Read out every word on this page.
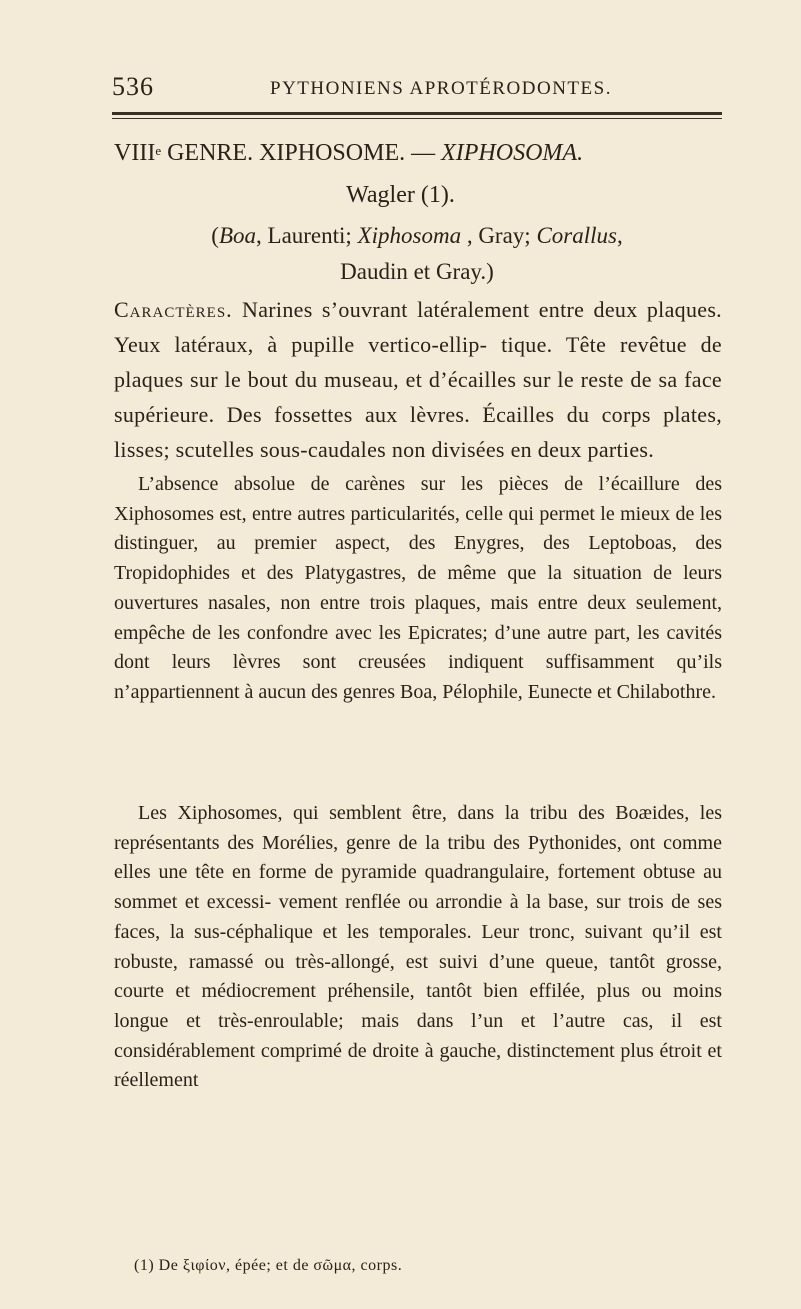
536	PYTHONIENS APROTÉRODONTES.
VIIIe GENRE. XIPHOSOME. — XIPHOSOMA.
Wagler (1).
(Boa, Laurenti; Xiphosoma , Gray; Corallus,
Daudin et Gray.)

Caractères. Narines s’ouvrant latéralement entre deux plaques. Yeux latéraux, à pupille vertico-ellip- tique. Tête revêtue de plaques sur le bout du museau, et d’écailles sur le reste de sa face supérieure. Des fossettes aux lèvres. Écailles du corps plates, lisses; scutelles sous-caudales non divisées en deux parties.

L’absence absolue de carènes sur les pièces de l’écaillure des Xiphosomes est, entre autres particularités, celle qui permet le mieux de les distinguer, au premier aspect, des Enygres, des Leptoboas, des Tropidophides et des Platygastres, de même que la situation de leurs ouvertures nasales, non entre trois plaques, mais entre deux seulement, empêche de les confondre avec les Epicrates; d’une autre part, les cavités dont leurs lèvres sont creusées indiquent suffisamment qu’ils n’appartiennent à aucun des genres Boa, Pélophile, Eunecte et Chilabothre.

Les Xiphosomes, qui semblent être, dans la tribu des Boæides, les représentants des Morélies, genre de la tribu des Pythonides, ont comme elles une tête en forme de pyramide quadrangulaire, fortement obtuse au sommet et excessi- vement renflée ou arrondie à la base, sur trois de ses faces, la sus-céphalique et les temporales. Leur tronc, suivant qu’il est robuste, ramassé ou très-allongé, est suivi d’une queue, tantôt grosse, courte et médiocrement préhensile, tantôt bien effilée, plus ou moins longue et très-enroulable; mais dans l’un et l’autre cas, il est considérablement comprimé de droite à gauche, distinctement plus étroit et réellement

(1) De ξιφίον, épée; et de σῶμα, corps.
